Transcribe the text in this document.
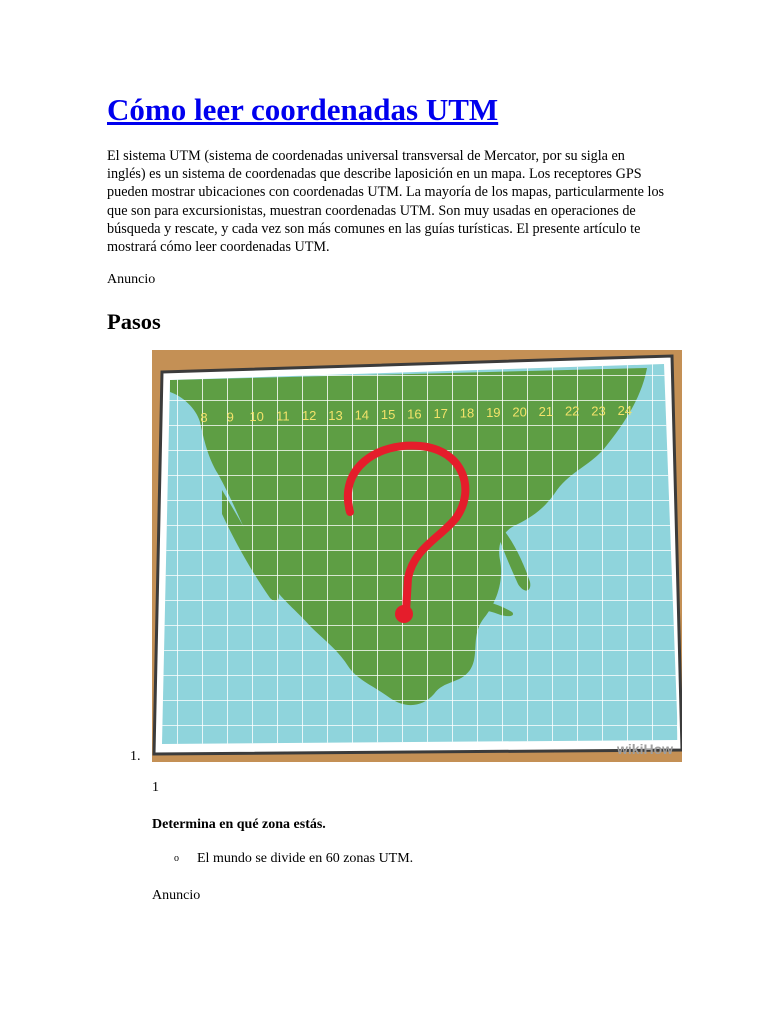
Cómo leer coordenadas UTM

El sistema UTM (sistema de coordenadas universal transversal de Mercator, por su sigla en inglés) es un sistema de coordenadas que describe laposición en un mapa. Los receptores GPS pueden mostrar ubicaciones con coordenadas UTM. La mayoría de los mapas, particularmente los que son para excursionistas, muestran coordenadas UTM. Son muy usadas en operaciones de búsqueda y rescate, y cada vez son más comunes en las guías turísticas. El presente artículo te mostrará cómo leer coordenadas UTM.

Anuncio

Pasos
8 9 10 11 12 13 14 15 16 17 18 19 20 21 22 23 24
wikiHow
1.
1

Determina en qué zona estás.

o El mundo se divide en 60 zonas UTM.

Anuncio
